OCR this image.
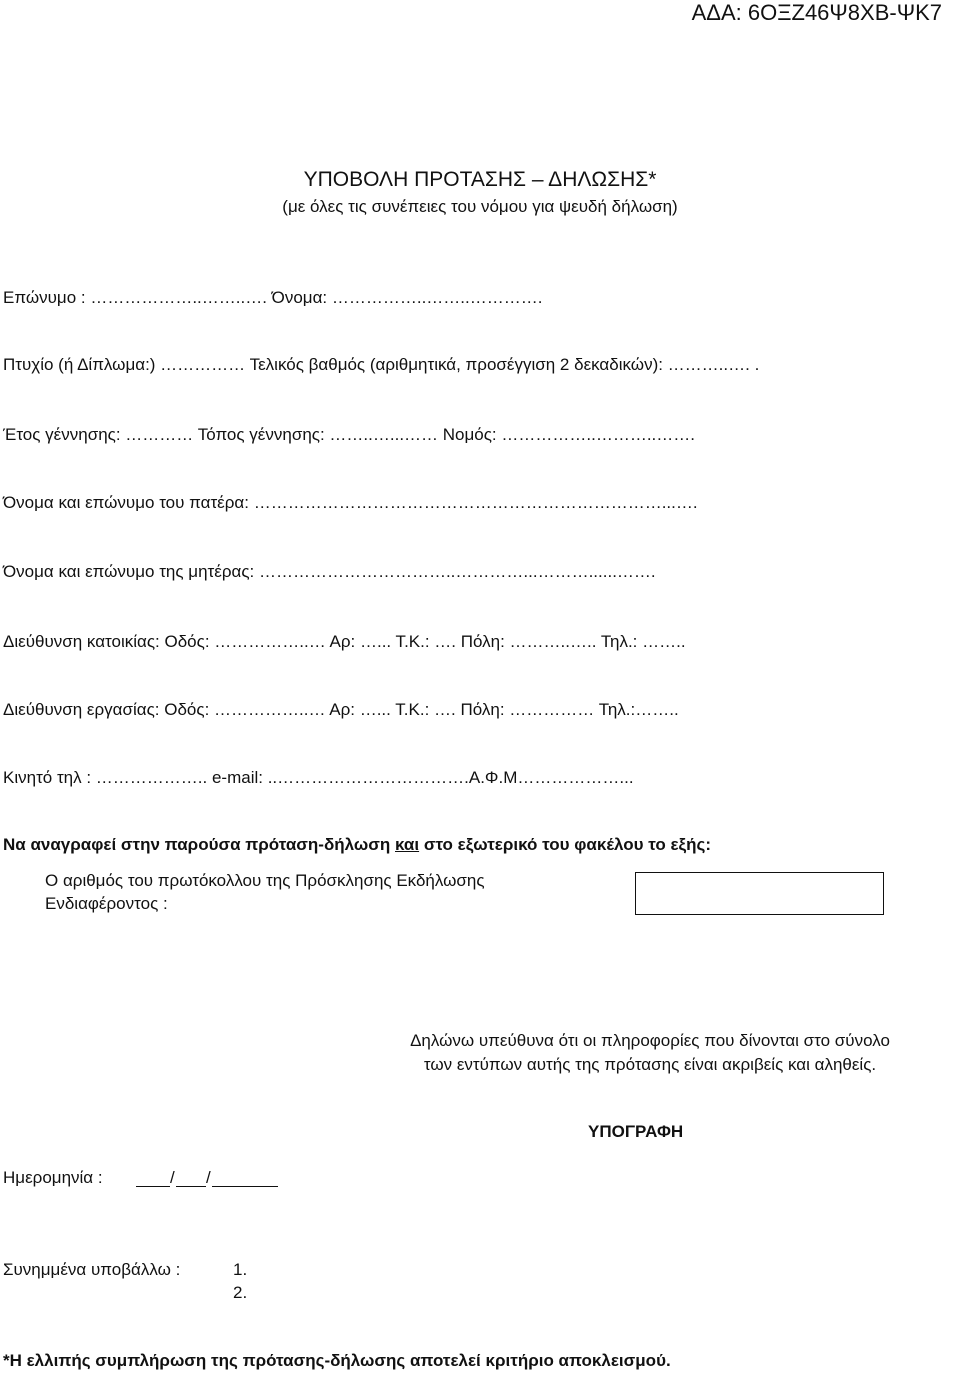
ΑΔΑ: 6ΟΞΖ46Ψ8ΧΒ-ΨΚ7
ΥΠΟΒΟΛΗ ΠΡΟΤΑΣΗΣ – ΔΗΛΩΣΗΣ*
(με όλες τις συνέπειες του νόμου για ψευδή δήλωση)
Επώνυμο : ………………..……..…. Όνομα: ……………..……..………….
Πτυχίο (ή Δίπλωμα:) …………… Τελικός βαθμός (αριθμητικά, προσέγγιση 2 δεκαδικών): ………..…. .
Έτος γέννησης: ………… Τόπος γέννησης: ……..…...…… Νομός: ……………..………..…….
Όνομα και επώνυμο του πατέρα: ………………………………………………………………...….
Όνομα και επώνυμο της μητέρας: ……………………………..…………...………......…….
Διεύθυνση κατοικίας: Οδός: ……………..… Αρ: …... Τ.Κ.: …. Πόλη: ………..….. Τηλ.: ……..
Διεύθυνση εργασίας: Οδός: ……………..… Αρ: …... Τ.Κ.: …. Πόλη: …………… Τηλ.:……..
Κινητό τηλ : ……………….. e-mail: ..…………………………….Α.Φ.Μ………………...
Να αναγραφεί στην παρούσα πρόταση-δήλωση και στο εξωτερικό του φακέλου το εξής:
Ο αριθμός του πρωτόκολλου της Πρόσκλησης Εκδήλωσης
Ενδιαφέροντος :
Δηλώνω υπεύθυνα ότι οι πληροφορίες που δίνονται στο σύνολο
των εντύπων αυτής της πρότασης είναι ακριβείς και αληθείς.
ΥΠΟΓΡΑΦΗ
Ημερομηνία :	/ /
Συνημμένα υποβάλλω :	1.
2.
*Η ελλιπής συμπλήρωση της πρότασης-δήλωσης αποτελεί κριτήριο αποκλεισμού.
